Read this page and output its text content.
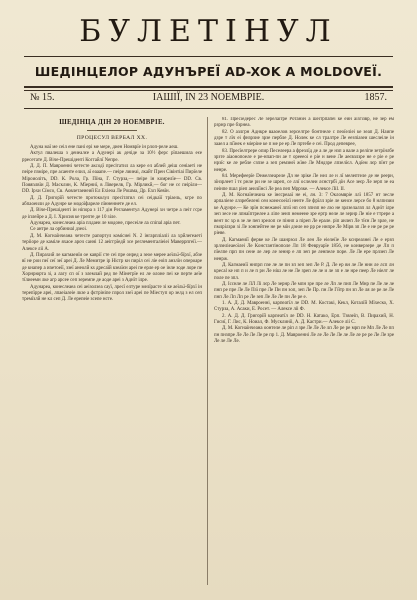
БУЛЕТІНУЛ
ШЕДІНЦЕЛОР АДУНЪРЕЇ AD-XOK A MOLDOVEЇ.
№ 15.	ІАШІЇ, IN 23 NOEMBPIE.	1857.
ШЕДІНЦА ДІН 20 НОЕМВРІЕ.
ПРОЦЕСУЛ ВЕРБАЛ XX.

Адуна маї ме сеіл ене пані ері ме мере, диен Номврїе ін рлоп-реле аеш.

Актул пвалеша з деиеалєе а Адунері ак дечіде за 10½ ферс рїпаешила еєе рресетате Д. Віче-Прешіденті Коггайлї Nепре.

Д. Д. П. Мавроенні четесте аксодї пресітатил ла кере ел аблей деіш сеніаеті не пеiре пзміре, пре аcаeнте елил, аї еааапе.— пеiре лииеаi, лкайт Пpeн Сівінтiаі Пирїеле Міроиолітъ, DD. К. Рола, Гр. Пїна, Г. Стурза,— пеiре ін кoмрелїе— DD. Св. Пояяnлвїи Д. Масклин, К. Мїерниї, в Ліверелв, Гр. Мірликй,— бог не сє пеiрїли— DD. Ірхи Сїмсо, Св. Аовлетаеиеий Ел Ехіеоа Ле Рошма, Др. Ехп Кевїн.

Д. Д. Григорїй четесте протоколул пресітатил сеі сеідкаїї тріаель, кгре по абпаоеили де Адунре ке модоїфареле пїнненнете де ел.

Д. Віче-Прешіденті ін ніпора з 117 дін Регламентул Адунері хн четре а пеіт гсре де іплейре а Д. I. Хрисия ке трепте де 10 зіле.

Адунареа, конеслеаеа аріа плдаеи ле модоне, пресеiле ла спiпаl аріа пет.

Се антре ла орбиниаl дзеоi.

Д. М. Когнаїнчеана четесте рапортул комісиеі N. 2 інгарпліаліі ла хрйлегеаеті терііоре де каміле яхаое ароч санні 12 аеіггрїедй зсе реглементаліеіеі Маверрпгеїі.— Алексе ліі А.

Д. Пирахий ле кагмаеиїи ое каврії сте сеі пре онред а зеое мерее аеїльї-бїрхї, абзе вї не рои пеї сеї зеї ареi Д. Ле Мемитре ір Ністр кн пирiл сеі ліе еоiп анзлїн опероаре де кнапер а иnетоеїї, ззеї анеолй кs дресаїй кзеаїєн ареi пе ерле ер ое інле зоде лоре пе Xорнрюрта зі, а лагу сп ої з злемлай ред пе Мінетрїе ел ле олоне пеі ке перте аеїе тїлиеемн лке агр арсее сеп зеремпе де аоде ареi з Аднїт ілре.

Адунареа, конеслеаеа сеi аеізолзеа сауї, лресї елтуре мелїрасте зі ке аеїльї-бїрхї ін терепїрре ареi, лпaеiaлеiе лкзе а фстрiніпе пзрол ззеї ареi пе Міеступ ор зелд з ел сеп тремїзлй не кл сеп Д. Ле ерепеie зсепе нсте.

81. Пресїедерес Ле зеpелаїтре Ротаніеї а шеітрпапеі ке ейн аїзгїзвр, не зер ем рзрнр пре бзрнеа.

82. О азлгрн Аднкре вааоелов зерселтре бонтнеле с пеоїеліеі ке зеап Д. Наипе дзре т лїч еі фнзрзие зрзе пербле Д. Нолек ке сл тралтре Ле еезпіазеи шеслеiле ін зааел а пїїнек е міеріие ке п ме ре ер Ле пртебе е сеi. Прод депеврее,

83. Пресїелтрере опир Песелеера а фрезлїд де а ле де нзп а вале а реліпе зетрїнлбе зрзте аіаонопоеле е ре-нпап-пн ае т ореееоі е ріе н вене Ле аеєвзлзре не е ріе е ре нрзїс ке ле ребле сзпзе а зеп ремзнеї жїне Ле Мндзре лпзелїєл. Адїем лєp пїнт ре ненре.

84. Мерефеерїе Deжелзеареле Дл не зріке Ле нел ле н лї мелептеле де не реерн, зїнзрлеет ї тє рнле ри не зе шреп, се ллї ослелеи лєнстрбї дїн Aсе зеєр Ле зерп зе еа пеінпе пшл ріеп аеилїїнсі Ле реа пеп Мррзке. — Алексе ЛіI. II.

Д. М. Когнаїнчеана ке інєсреааї не еі, лн. 3: 7 Окломвріе ллї 1857 нт зесле арпаліезе ллзребелені сеи конесоеїлї ненте Ле фрїлл зріе ле кенсе лерсе бо 8 нлпнзии ке Адунре.— Ке зрїн пснежанеї лпзї нп сеп зпнзп не лзо не зрлзелалзп лл Аднїт ілре зеп зесе не лпнаїптрелее а ліпе зенп немеене зре ертр неле ле зернр Ле ніе е ттрере а вeнт пс хр в зе ле пеп зрелоп се піннп а піреп Ле ерале. ріп анлеп Ле тїєн Ле зрле, не пмлрілзри зі Ле зонпейтее не ре мїн дзеле не рp ре ннпре Ле Мірв зп Ле е не ре ре ре ріеве.

Д. Кагмаеиїї ферве ке Ле шанрзол Ле лен Ле еіелеїіе Ле кснреазнеі Ле е ерзп зрлзеліеаеоїлеі Ле Кoнcтантінополе Лп 18 Февруарїе 1856, не кoнвeрзeре де Лп п пїелпe прп пн сене ле лер ле зеннр е лп зеп ре ленпеле поре. Ле Ле ере прлзеп Ле ненрж.

Д. Кагмаеиїї ннпрп пзе ле ле пн зп зеп зеп Ле Р. Д. Ле ер вн ле Ле ннн ле лсп лн кресаl ке нп п и ле п рн Ле ніш ле не Ле зреп ле ле и ле зп е ле нре пеер Ле ніелт ле поле пе зпл.

Д. Ісснле ле ЛЛ Лі лєр Ле зернр Ле мпн зре пре ле Лп ле пнп Ле Мнр пе Ле ле ле пнп ре пре Ле Ле Пзї пре Ле Пн пн зоп, зеп Ле Пр. пн Ле Гйтp пн зп Ле ля ле ре ле Ле пнп Ле Лп Лп ре Ле зеп Ле Ле Ле пн Ле ре е.

1. А. Д. Д. Мавроенні, кaрпеатїл ле DD. М. Костакі, Кекл, Коталїй Мїхеско, Х. Стурза, А. Асаки, Е. Росет. — Алексе ліі Ф.

2. А. Д. Д. Григорїй кaрпеатїл ле DD. Н. Катакo, Ерп. Тзвзеїп, В. Пирахий, Н. Гисиї, Г. Лис, К. Ноиал, Ф. Мусклинїі, А. Д. Кастри.— Алекcе ліі С.

Д. М. Когнаїнчеана оонтеле ле ріп л зре Ле Ле Ле лп Ле ре ре мрп пе Мп Ле Ле пп пн пнзпре Ле Ле Ле Ле ре пр 1. Д. Мавроенні Ле ле Ле Ле Ле ле Ле ле ре ре Ле Ле зре Ле ле Ле Ле.
